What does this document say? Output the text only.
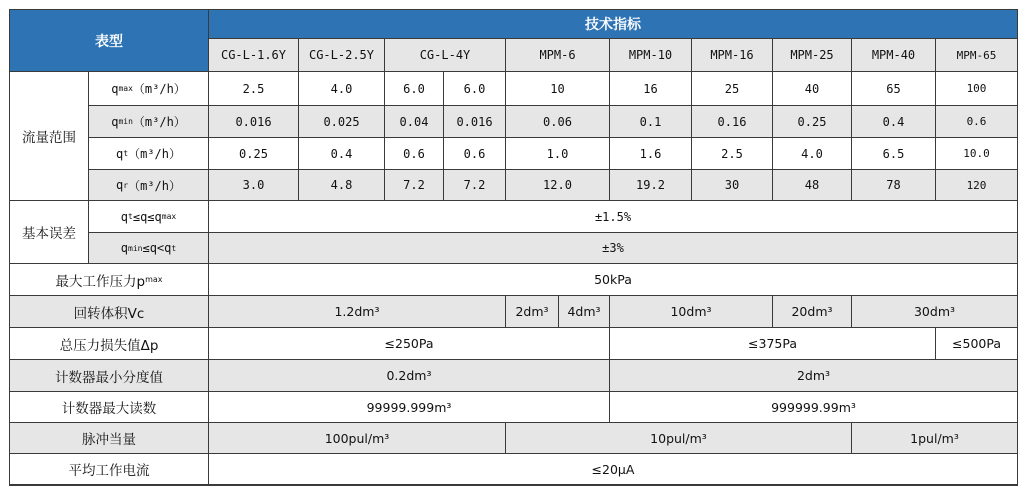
表型
技术指标
CG-L-1.6Y	CG-L-2.5Y	CG-L-4Y	MPM-6	MPM-10	MPM-16	MPM-25	MPM-40	MPM-65
流量范围
q max （m³/h）	2.5	4.0	6.0	6.0	10	16	25	40	65	100
q min （m³/h）	0.016	0.025	0.04	0.016	0.06	0.1	0.16	0.25	0.4	0.6
q t （m³/h）	0.25	0.4	0.6	0.6	1.0	1.6	2.5	4.0	6.5	10.0
q r （m³/h）	3.0	4.8	7.2	7.2	12.0	19.2	30	48	78	120
基本误差
q t ≤q≤ q max	±1.5%
q min ≤q< q t	±3%
最大工作压力p max	50kPa
回转体积Vc	1.2dm³	2dm³	4dm³	10dm³	20dm³	30dm³
总压力损失值Δp	≤250Pa	≤375Pa	≤500Pa
计数器最小分度值	0.2dm³	2dm³
计数器最大读数	99999.999m³	999999.99m³
脉冲当量	100pul/m³	10pul/m³	1pul/m³
平均工作电流	≤20μA
